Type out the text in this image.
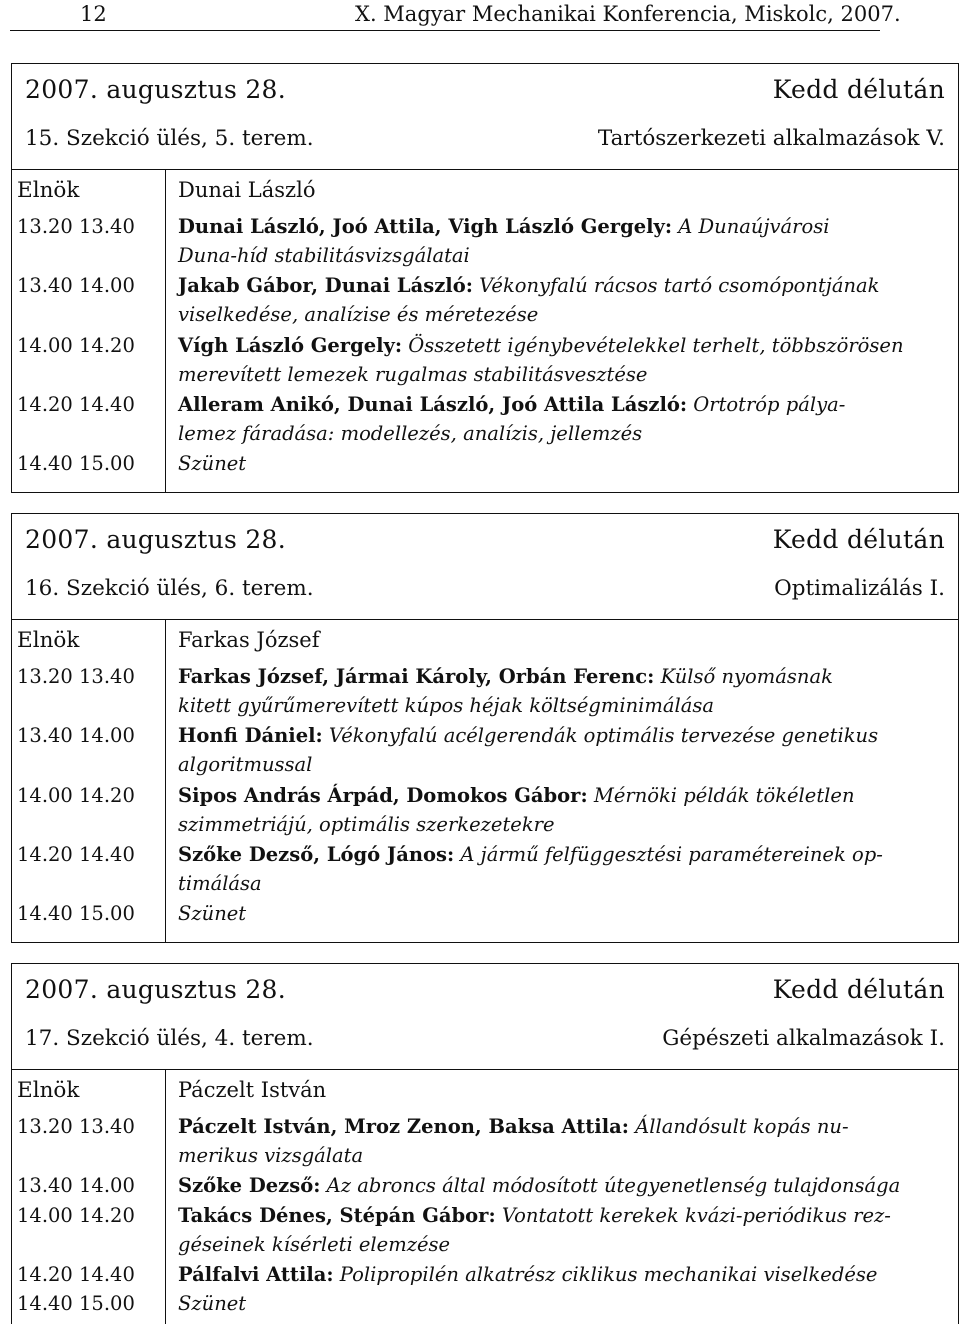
12	X. Magyar Mechanikai Konferencia, Miskolc, 2007.
2007. augusztus 28.	Kedd délután
15. Szekció ülés, 5. terem.	Tartószerkezeti alkalmazások V.
Elnök	Dunai László
13.20 13.40 Dunai László, Joó Attila, Vigh László Gergely: A Dunaújvárosi
Duna-híd stabilitásvizsgálatai
13.40 14.00 Jakab Gábor, Dunai László: Vékonyfalú rácsos tartó csomópontjának
viselkedése, analízise és méretezése
14.00 14.20 Vígh László Gergely: Összetett igénybevételekkel terhelt, többszörösen
merevített lemezek rugalmas stabilitásvesztése
14.20 14.40 Alleram Anikó, Dunai László, Joó Attila László: Ortotróp pálya-
lemez fáradása: modellezés, analízis, jellemzés
14.40 15.00 Szünet
2007. augusztus 28.	Kedd délután
16. Szekció ülés, 6. terem.	Optimalizálás I.
Elnök	Farkas József
13.20 13.40 Farkas József, Jármai Károly, Orbán Ferenc: Külső nyomásnak
kitett gyűrűmerevített kúpos héjak költségminimálása
13.40 14.00 Honfi Dániel: Vékonyfalú acélgerendák optimális tervezése genetikus
algoritmussal
14.00 14.20 Sipos András Árpád, Domokos Gábor: Mérnöki példák tökéletlen
szimmetriájú, optimális szerkezetekre
14.20 14.40 Szőke Dezső, Lógó János: A jármű felfüggesztési paramétereinek op-
timálása
14.40 15.00 Szünet
2007. augusztus 28.	Kedd délután
17. Szekció ülés, 4. terem.	Gépészeti alkalmazások I.
Elnök	Páczelt István
13.20 13.40 Páczelt István, Mroz Zenon, Baksa Attila: Állandósult kopás nu-
merikus vizsgálata
13.40 14.00 Szőke Dezső: Az abroncs által módosított útegyenetlenség tulajdonsága
14.00 14.20 Takács Dénes, Stépán Gábor: Vontatott kerekek kvázi-periódikus rez-
géseinek kísérleti elemzése
14.20 14.40 Pálfalvi Attila: Polipropilén alkatrész ciklikus mechanikai viselkedése
14.40 15.00 Szünet
